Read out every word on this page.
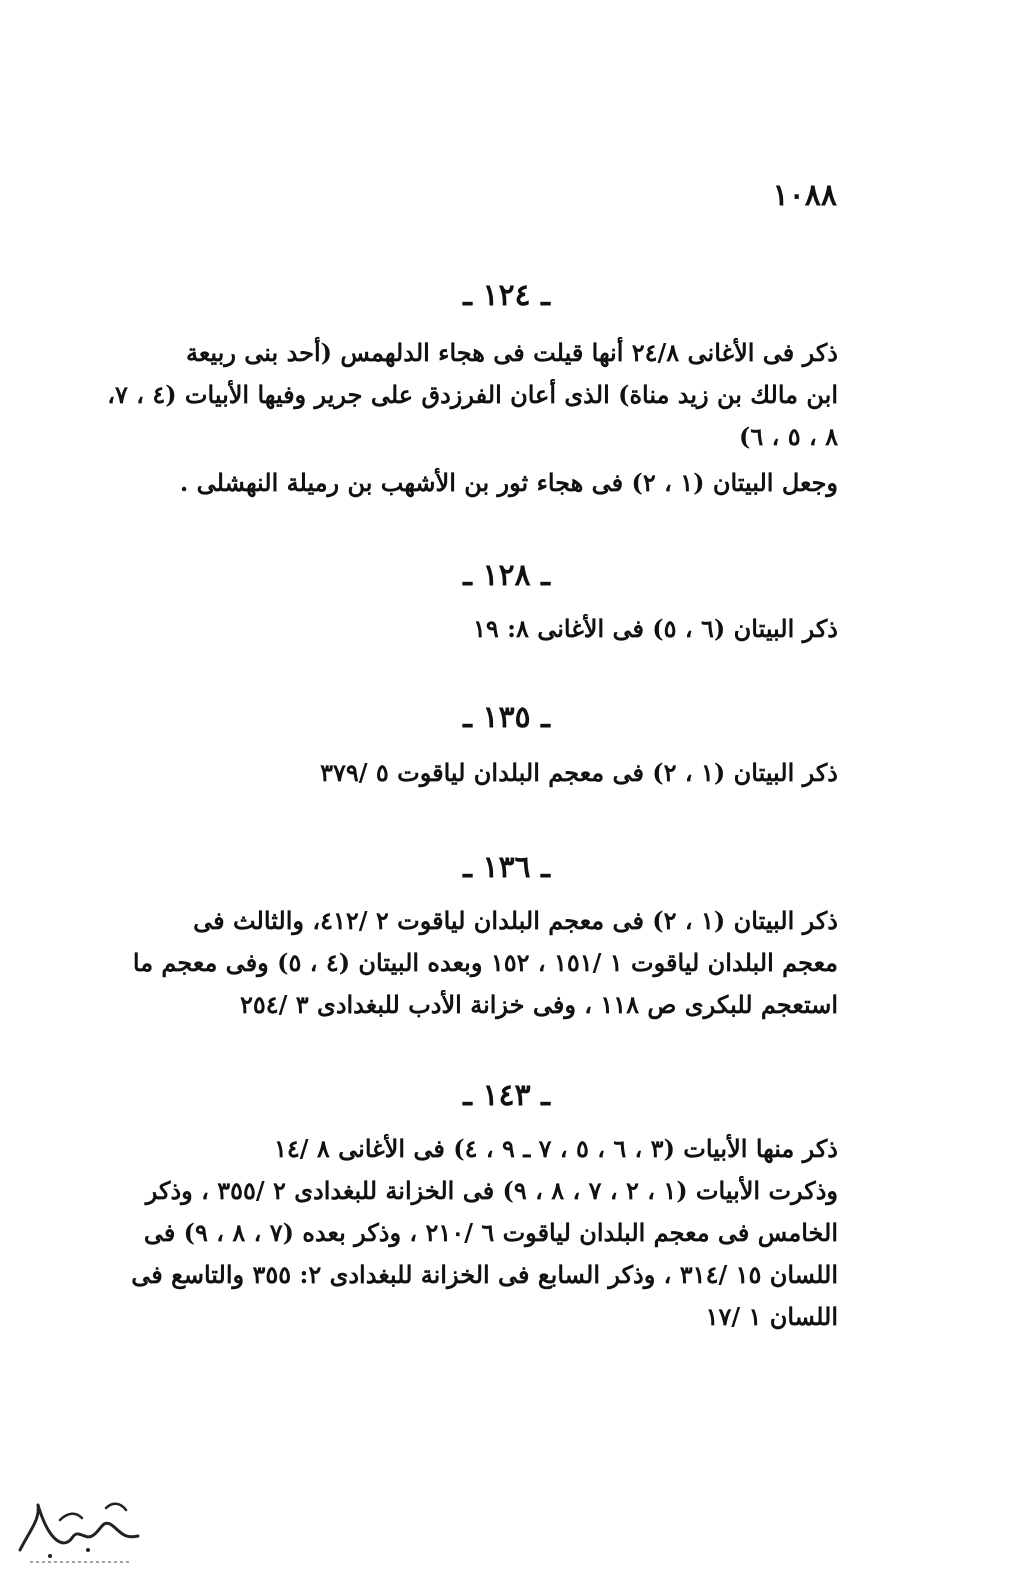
١٠٨٨
ـ ١٢٤ ـ
ذكر فى الأغانى ٢٤/٨ أنها قيلت فى هجاء الدلهمس (أحد بنى ربيعة
ابن مالك بن زيد مناة) الذى أعان الفرزدق على جرير وفيها الأبيات (٤ ، ٧،
٨ ، ٥ ، ٦)
وجعل البيتان (١ ، ٢) فى هجاء ثور بن الأشهب بن رميلة النهشلى .
ـ ١٢٨ ـ
ذكر البيتان (٦ ، ٥) فى الأغانى ٨: ١٩
ـ ١٣٥ ـ
ذكر البيتان (١ ، ٢) فى معجم البلدان لياقوت ٥ /٣٧٩
ـ ١٣٦ ـ
ذكر البيتان (١ ، ٢) فى معجم البلدان لياقوت ٢ /٤١٢، والثالث فى
معجم البلدان لياقوت ١ /١٥١ ، ١٥٢ وبعده البيتان (٤ ، ٥) وفى معجم ما
استعجم للبكرى ص ١١٨ ، وفى خزانة الأدب للبغدادى ٣ /٢٥٤
ـ ١٤٣ ـ
ذكر منها الأبيات (٣ ، ٦ ، ٥ ، ٧ ـ ٩ ، ٤) فى الأغانى ٨ /١٤
وذكرت الأبيات (١ ، ٢ ، ٧ ، ٨ ، ٩) فى الخزانة للبغدادى ٢ /٣٥٥ ، وذكر
الخامس فى معجم البلدان لياقوت ٦ /٢١٠ ، وذكر بعده (٧ ، ٨ ، ٩) فى
اللسان ١٥ /٣١٤ ، وذكر السابع فى الخزانة للبغدادى ٢: ٣٥٥ والتاسع فى
اللسان ١ /١٧
